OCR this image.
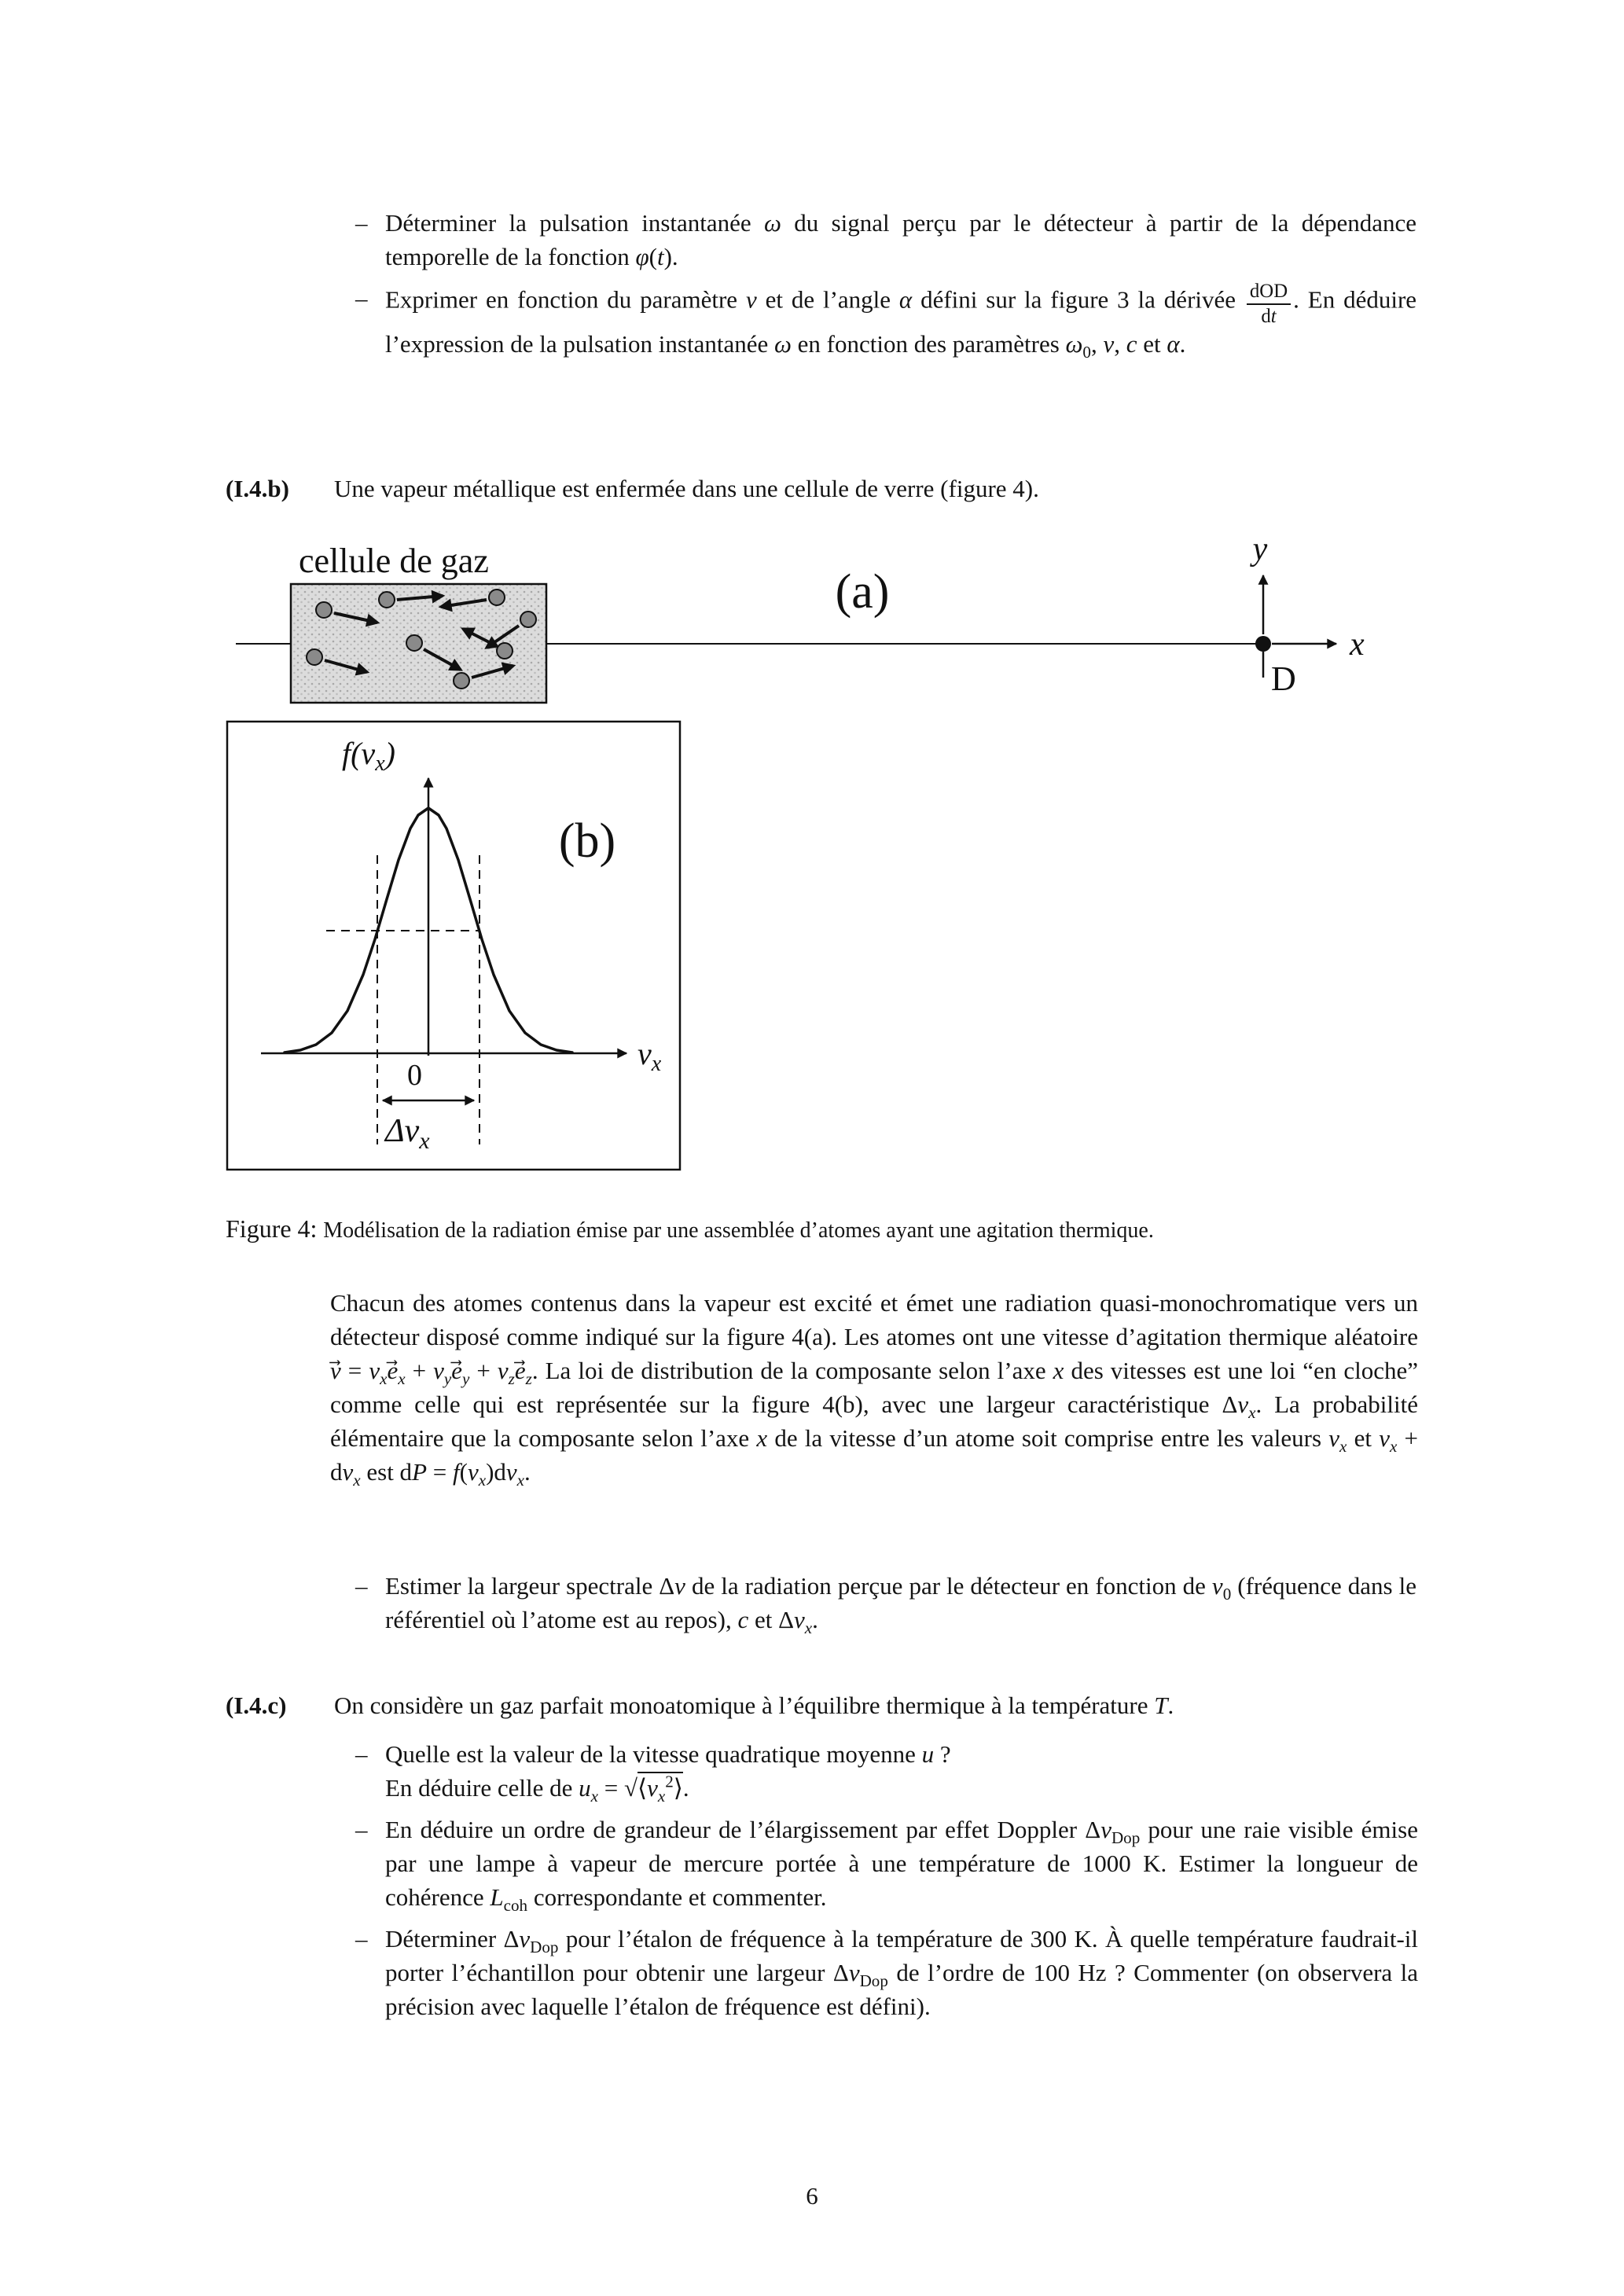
– Déterminer la pulsation instantanée ω du signal perçu par le détecteur à partir de la dépendance temporelle de la fonction φ(t).
– Exprimer en fonction du paramètre v et de l’angle α défini sur la figure 3 la dérivée $\frac{\text{dOD}}{dt}$ . En déduire l’expression de la pulsation instantanée ω en fonction des paramètres $\omega_0$, v, c et α.
(I.4.b)	Une vapeur métallique est enfermée dans une cellule de verre (figure 4).
cellule de gaz
(a)
D
y
x
$f(v_x)$
$v_x$
0
$\Delta v_x$
(b)
Figure 4: Modélisation de la radiation émise par une assemblée d’atomes ayant une agitation thermique.
Chacun des atomes contenus dans la vapeur est excité et émet une radiation quasi-monochromatique vers un détecteur disposé comme indiqué sur la figure 4(a). Les atomes ont une vitesse d’agitation thermique aléatoire v⃗ = $v_xe_x + v_ye_y + v_ze_z$. La loi de distribution de la composante selon l’axe x des vitesses est une loi “en cloche” comme celle qui est représentée sur la figure 4(b), avec une largeur caractéristique $\Delta v_x$. La probabilité élémentaire que la composante selon l’axe x de la vitesse d’un atome soit comprise entre les valeurs $v_x$ et $v_x + dv_x$ est dP = $f(v_x)dv_x$.
– Estimer la largeur spectrale Δν de la radiation perçue par le détecteur en fonction de $\nu_0$ (fréquence dans le référentiel où l’atome est au repos), c et $\Delta v_x$.
(I.4.c)	On considère un gaz parfait monoatomique à l’équilibre thermique à la température T.
– Quelle est la valeur de la vitesse quadratique moyenne u ?
En déduire celle de $u_x$ = $√⟨v_x^2⟩$.
– En déduire un ordre de grandeur de l’élargissement par effet Doppler $\Delta\nu_{Dop}$ pour une raie visible émise par une lampe à vapeur de mercure portée à une température de 1000 K. Estimer la longueur de cohérence $L_{coh}$ correspondante et commenter.
– Déterminer $\Delta\nu_{Dop}$ pour l’étalon de fréquence à la température de 300 K. À quelle température faudrait-il porter l’échantillon pour obtenir une largeur $\Delta\nu_{Dop}$ de l’ordre de 100 Hz ? Commenter (on observera la précision avec laquelle l’étalon de fréquence est défini).
6
